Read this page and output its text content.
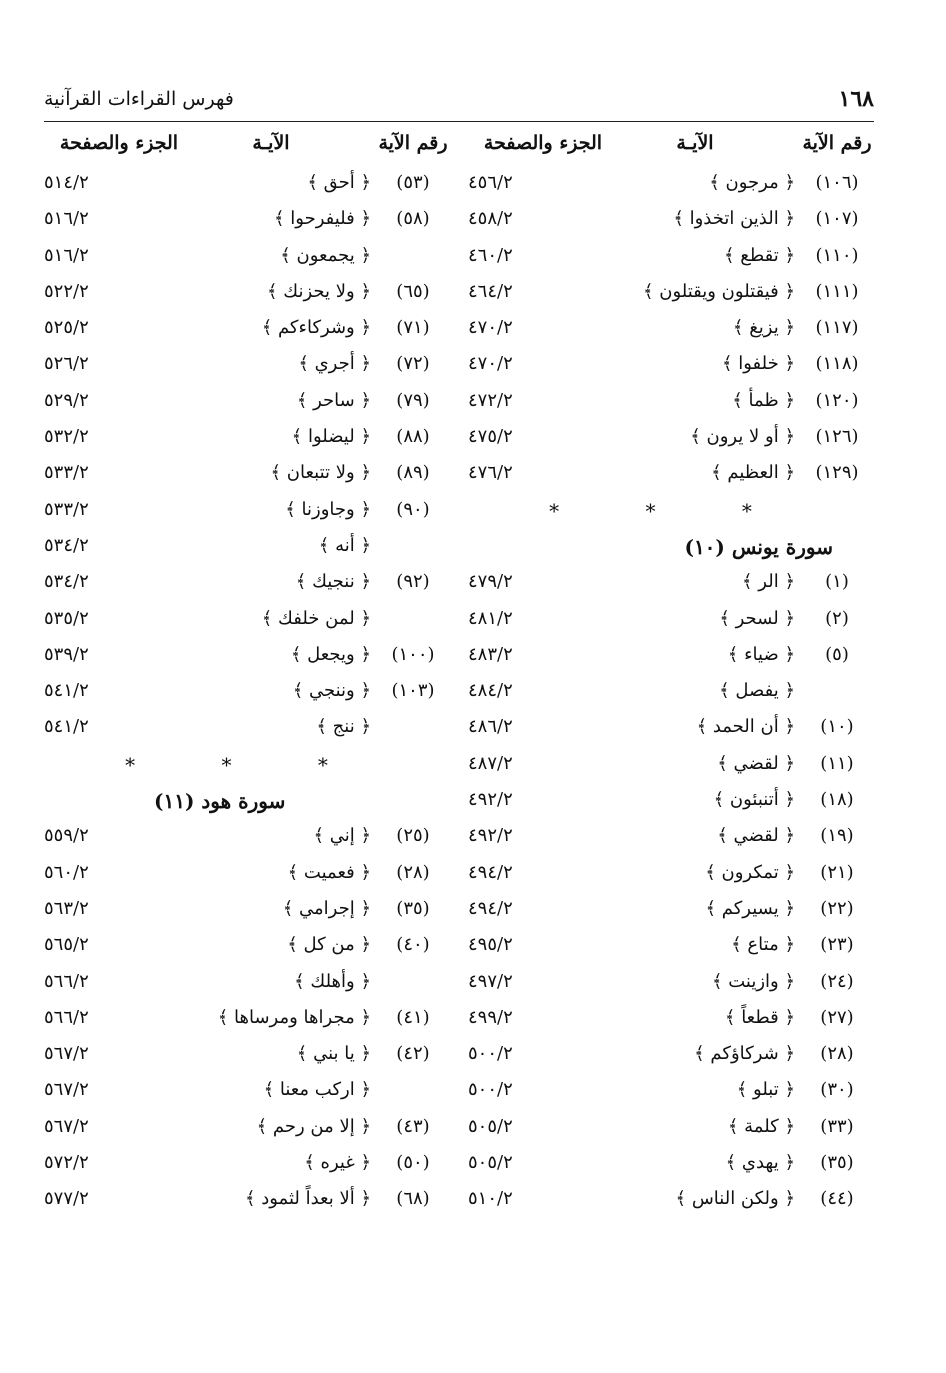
١٦٨
فهرس القراءات القرآنية
رقم الآية
الآيـة
الجزء والصفحة
(١٠٦)
﴿ مرجون ﴾
٤٥٦/٢
(١٠٧)
﴿ الذين اتخذوا ﴾
٤٥٨/٢
(١١٠)
﴿ تقطع ﴾
٤٦٠/٢
(١١١)
﴿ فيقتلون ويقتلون ﴾
٤٦٤/٢
(١١٧)
﴿ يزيغ ﴾
٤٧٠/٢
(١١٨)
﴿ خلفوا ﴾
٤٧٠/٢
(١٢٠)
﴿ ظمأ ﴾
٤٧٢/٢
(١٢٦)
﴿ أو لا يرون ﴾
٤٧٥/٢
(١٢٩)
﴿ العظيم ﴾
٤٧٦/٢
* * *
سورة يونس (١٠)
(١)
﴿ الر ﴾
٤٧٩/٢
(٢)
﴿ لسحر ﴾
٤٨١/٢
(٥)
﴿ ضياء ﴾
٤٨٣/٢
﴿ يفصل ﴾
٤٨٤/٢
(١٠)
﴿ أن الحمد ﴾
٤٨٦/٢
(١١)
﴿ لقضي ﴾
٤٨٧/٢
(١٨)
﴿ أتنبئون ﴾
٤٩٢/٢
(١٩)
﴿ لقضي ﴾
٤٩٢/٢
(٢١)
﴿ تمكرون ﴾
٤٩٤/٢
(٢٢)
﴿ يسيركم ﴾
٤٩٤/٢
(٢٣)
﴿ متاع ﴾
٤٩٥/٢
(٢٤)
﴿ وازينت ﴾
٤٩٧/٢
(٢٧)
﴿ قطعاً ﴾
٤٩٩/٢
(٢٨)
﴿ شركاؤكم ﴾
٥٠٠/٢
(٣٠)
﴿ تبلو ﴾
٥٠٠/٢
(٣٣)
﴿ كلمة ﴾
٥٠٥/٢
(٣٥)
﴿ يهدي ﴾
٥٠٥/٢
(٤٤)
﴿ ولكن الناس ﴾
٥١٠/٢
رقم الآية
الآيـة
الجزء والصفحة
(٥٣)
﴿ أحق ﴾
٥١٤/٢
(٥٨)
﴿ فليفرحوا ﴾
٥١٦/٢
﴿ يجمعون ﴾
٥١٦/٢
(٦٥)
﴿ ولا يحزنك ﴾
٥٢٢/٢
(٧١)
﴿ وشركاءكم ﴾
٥٢٥/٢
(٧٢)
﴿ أجري ﴾
٥٢٦/٢
(٧٩)
﴿ ساحر ﴾
٥٢٩/٢
(٨٨)
﴿ ليضلوا ﴾
٥٣٢/٢
(٨٩)
﴿ ولا تتبعان ﴾
٥٣٣/٢
(٩٠)
﴿ وجاوزنا ﴾
٥٣٣/٢
﴿ أنه ﴾
٥٣٤/٢
(٩٢)
﴿ ننجيك ﴾
٥٣٤/٢
﴿ لمن خلفك ﴾
٥٣٥/٢
(١٠٠)
﴿ ويجعل ﴾
٥٣٩/٢
(١٠٣)
﴿ وننجي ﴾
٥٤١/٢
﴿ ننج ﴾
٥٤١/٢
* * *
سورة هود (١١)
(٢٥)
﴿ إني ﴾
٥٥٩/٢
(٢٨)
﴿ فعميت ﴾
٥٦٠/٢
(٣٥)
﴿ إجرامي ﴾
٥٦٣/٢
(٤٠)
﴿ من كل ﴾
٥٦٥/٢
﴿ وأهلك ﴾
٥٦٦/٢
(٤١)
﴿ مجراها ومرساها ﴾
٥٦٦/٢
(٤٢)
﴿ يا بني ﴾
٥٦٧/٢
﴿ اركب معنا ﴾
٥٦٧/٢
(٤٣)
﴿ إلا من رحم ﴾
٥٦٧/٢
(٥٠)
﴿ غيره ﴾
٥٧٢/٢
(٦٨)
﴿ ألا بعداً لثمود ﴾
٥٧٧/٢
